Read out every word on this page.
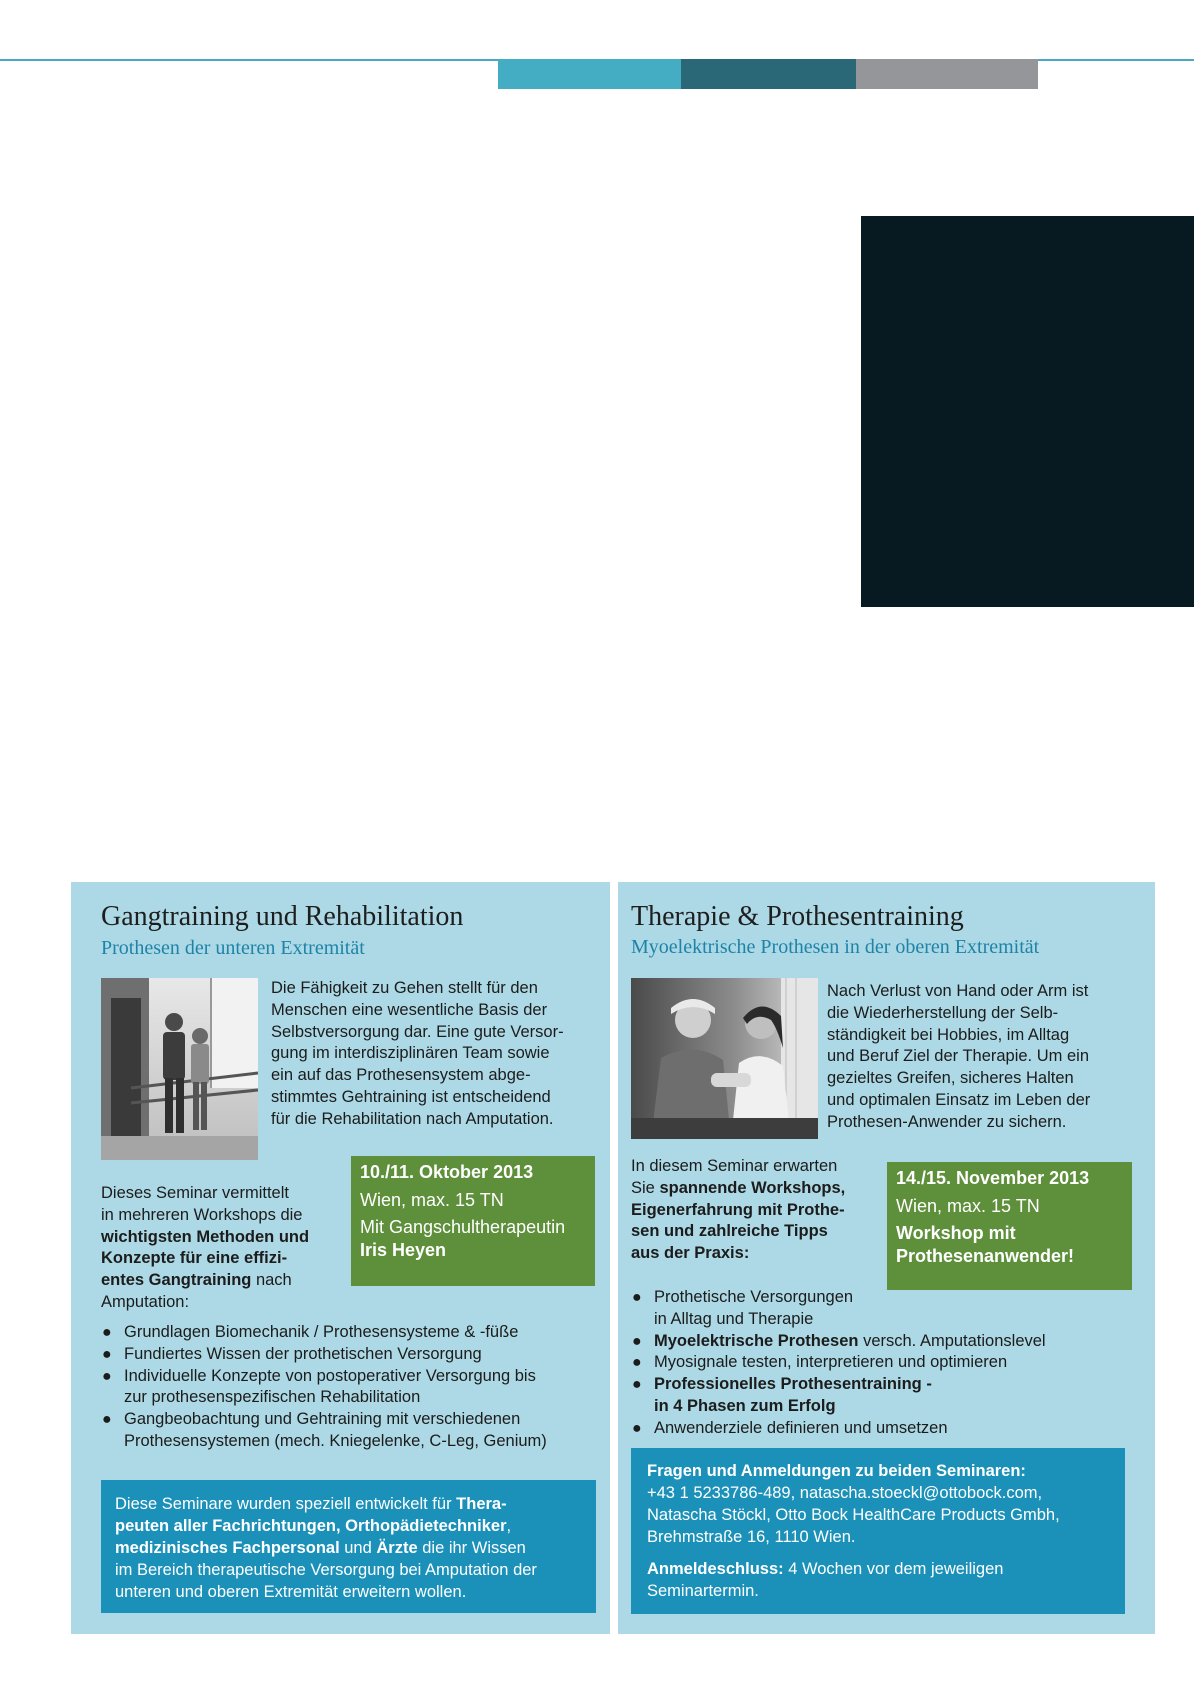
Gangtraining und Rehabilitation
Prothesen der unteren Extremität
Die Fähigkeit zu Gehen stellt für den
Menschen eine wesentliche Basis der
Selbstversorgung dar. Eine gute Versor-
gung im interdisziplinären Team sowie
ein auf das Prothesensystem abge-
stimmtes Gehtraining ist entscheidend
für die Rehabilitation nach Amputation.
Dieses Seminar vermittelt
in mehreren Workshops die
wichtigsten Methoden und
Konzepte für eine effizi-
entes Gangtraining nach
Amputation:
10./11. Oktober 2013
Wien, max. 15 TN
Mit Gangschultherapeutin
Iris Heyen
● Grundlagen Biomechanik / Prothesensysteme & -füße
● Fundiertes Wissen der prothetischen Versorgung
● Individuelle Konzepte von postoperativer Versorgung bis
zur prothesenspezifischen Rehabilitation
● Gangbeobachtung und Gehtraining mit verschiedenen
Prothesensystemen (mech. Kniegelenke, C-Leg, Genium)
Diese Seminare wurden speziell entwickelt für Thera-
peuten aller Fachrichtungen, Orthopädietechniker,
medizinisches Fachpersonal und Ärzte die ihr Wissen
im Bereich therapeutische Versorgung bei Amputation der
unteren und oberen Extremität erweitern wollen.
Therapie & Prothesentraining
Myoelektrische Prothesen in der oberen Extremität
Nach Verlust von Hand oder Arm ist
die Wiederherstellung der Selb-
ständigkeit bei Hobbies, im Alltag
und Beruf Ziel der Therapie. Um ein
gezieltes Greifen, sicheres Halten
und optimalen Einsatz im Leben der
Prothesen-Anwender zu sichern.
In diesem Seminar erwarten
Sie spannende Workshops,
Eigenerfahrung mit Prothe-
sen und zahlreiche Tipps
aus der Praxis:
14./15. November 2013
Wien, max. 15 TN
Workshop mit
Prothesenanwender!
● Prothetische Versorgungen
in Alltag und Therapie
● Myoelektrische Prothesen versch. Amputationslevel
● Myosignale testen, interpretieren und optimieren
● Professionelles Prothesentraining -
in 4 Phasen zum Erfolg
● Anwenderziele definieren und umsetzen
Fragen und Anmeldungen zu beiden Seminaren:
+43 1 5233786-489, natascha.stoeckl@ottobock.com,
Natascha Stöckl, Otto Bock HealthCare Products Gmbh,
Brehmstraße 16, 1110 Wien.
Anmeldeschluss: 4 Wochen vor dem jeweiligen
Seminartermin.
